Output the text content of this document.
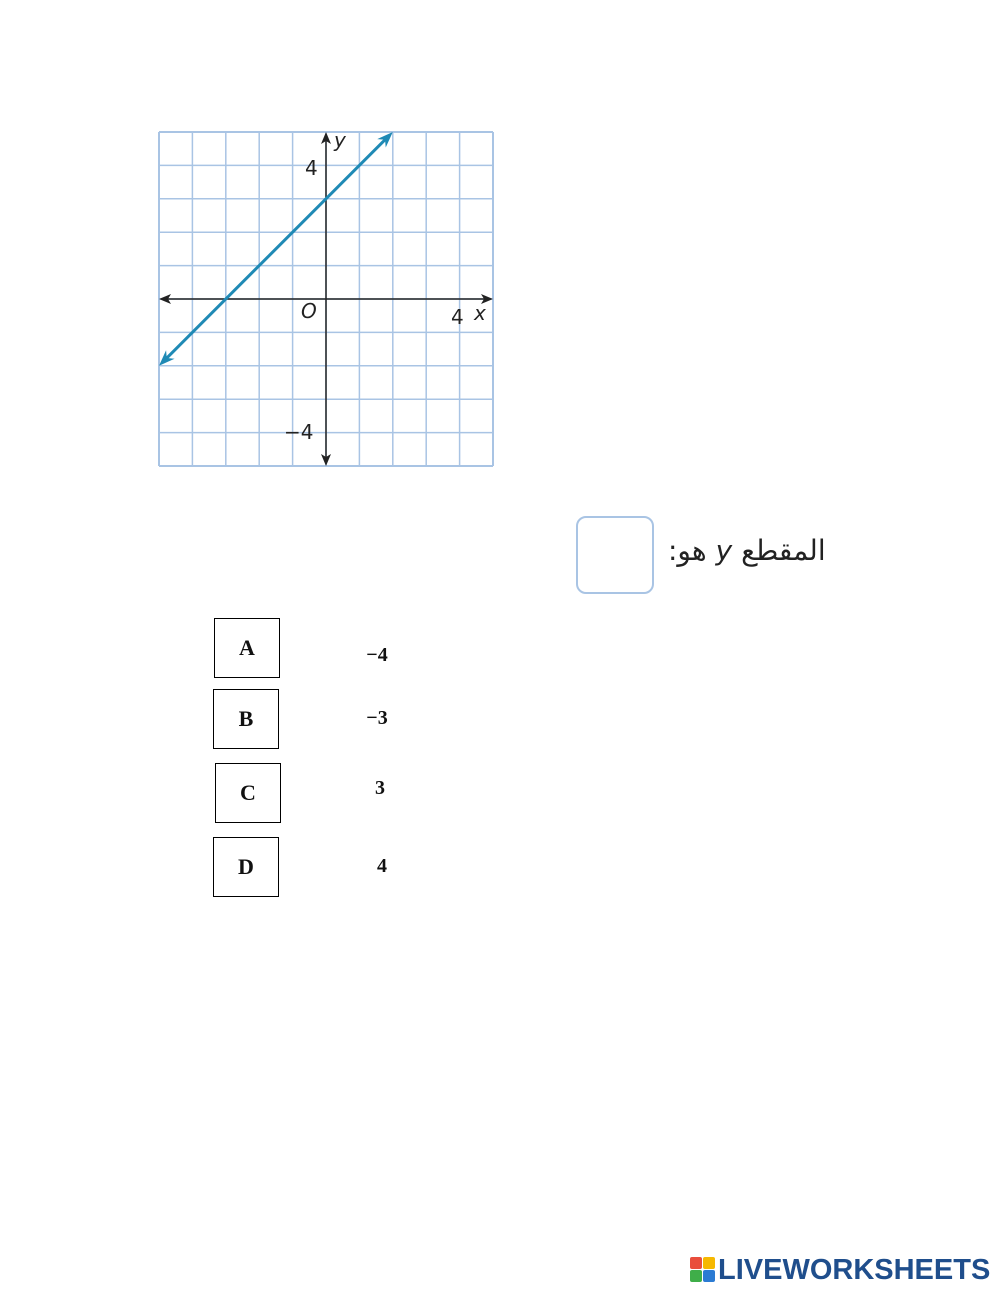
y
x
O
4
−4
4
المقطع y هو:
A	−4
B	−3
C	3
D	4
LIVEWORKSHEETS
